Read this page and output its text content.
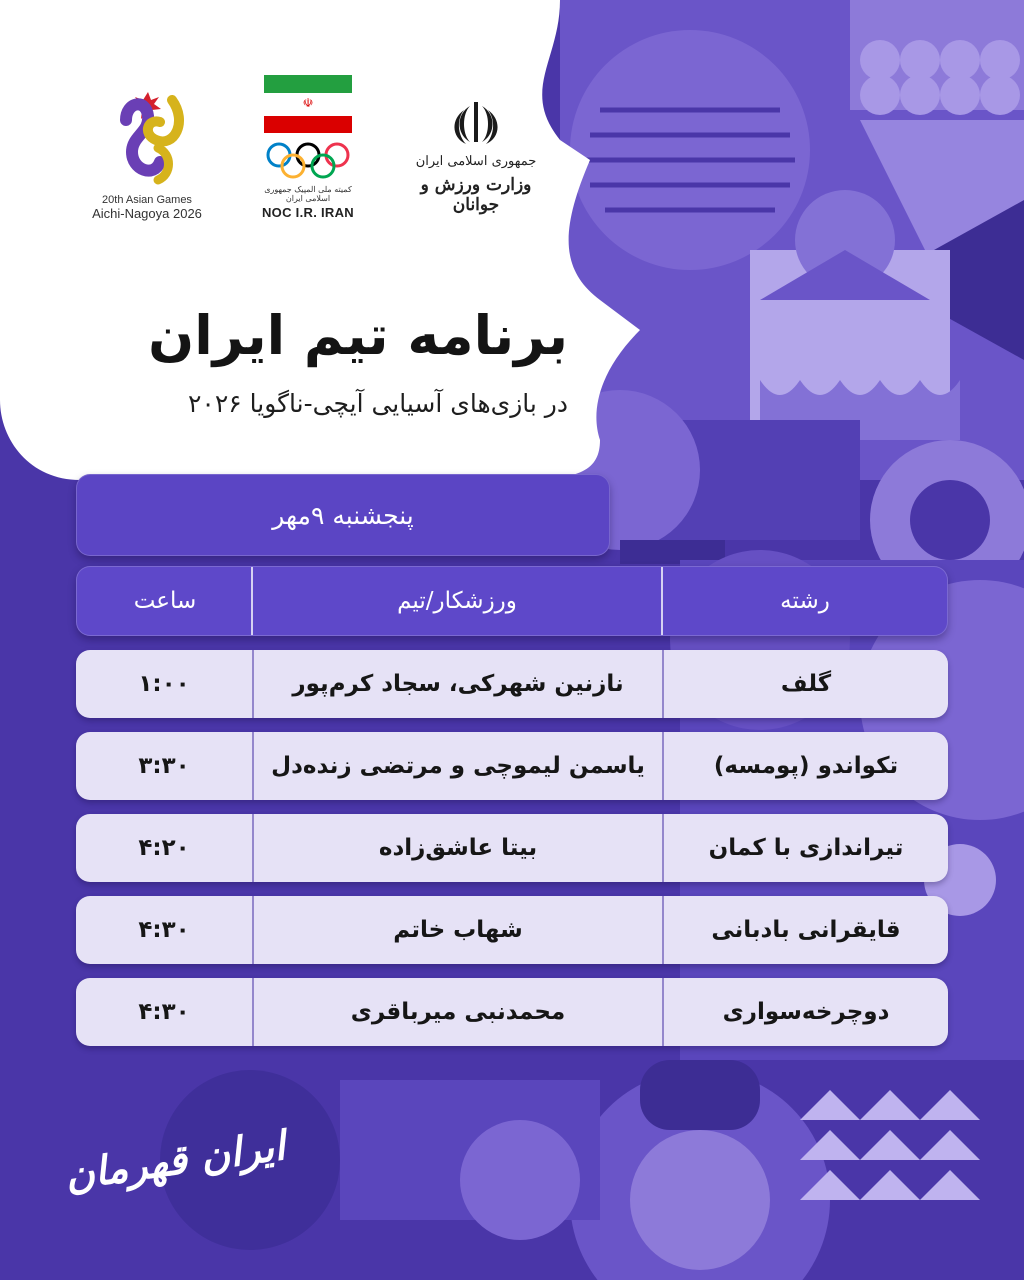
20th Asian Games
Aichi-Nagoya 2026
☫
کمیته ملی المپیک جمهوری اسلامی ایران
NOC I.R. IRAN
جمهوری اسلامی ایران
وزارت ورزش و جوانان
برنامه تیم ایران
در بازی‌های آسیایی آیچی-ناگویا ۲۰۲۶
پنجشنبه ۹مهر
رشته
ورزشکار/تیم
ساعت
گلف
نازنین شهرکی، سجاد کرم‌پور
۱:۰۰
تکواندو (پومسه)
یاسمن لیموچی و مرتضی زنده‌دل
۳:۳۰
تیراندازی با کمان
بیتا عاشق‌زاده
۴:۲۰
قایقرانی بادبانی
شهاب خاتم
۴:۳۰
دوچرخه‌سواری
محمدنبی میرباقری
۴:۳۰
ایران قهرمان
